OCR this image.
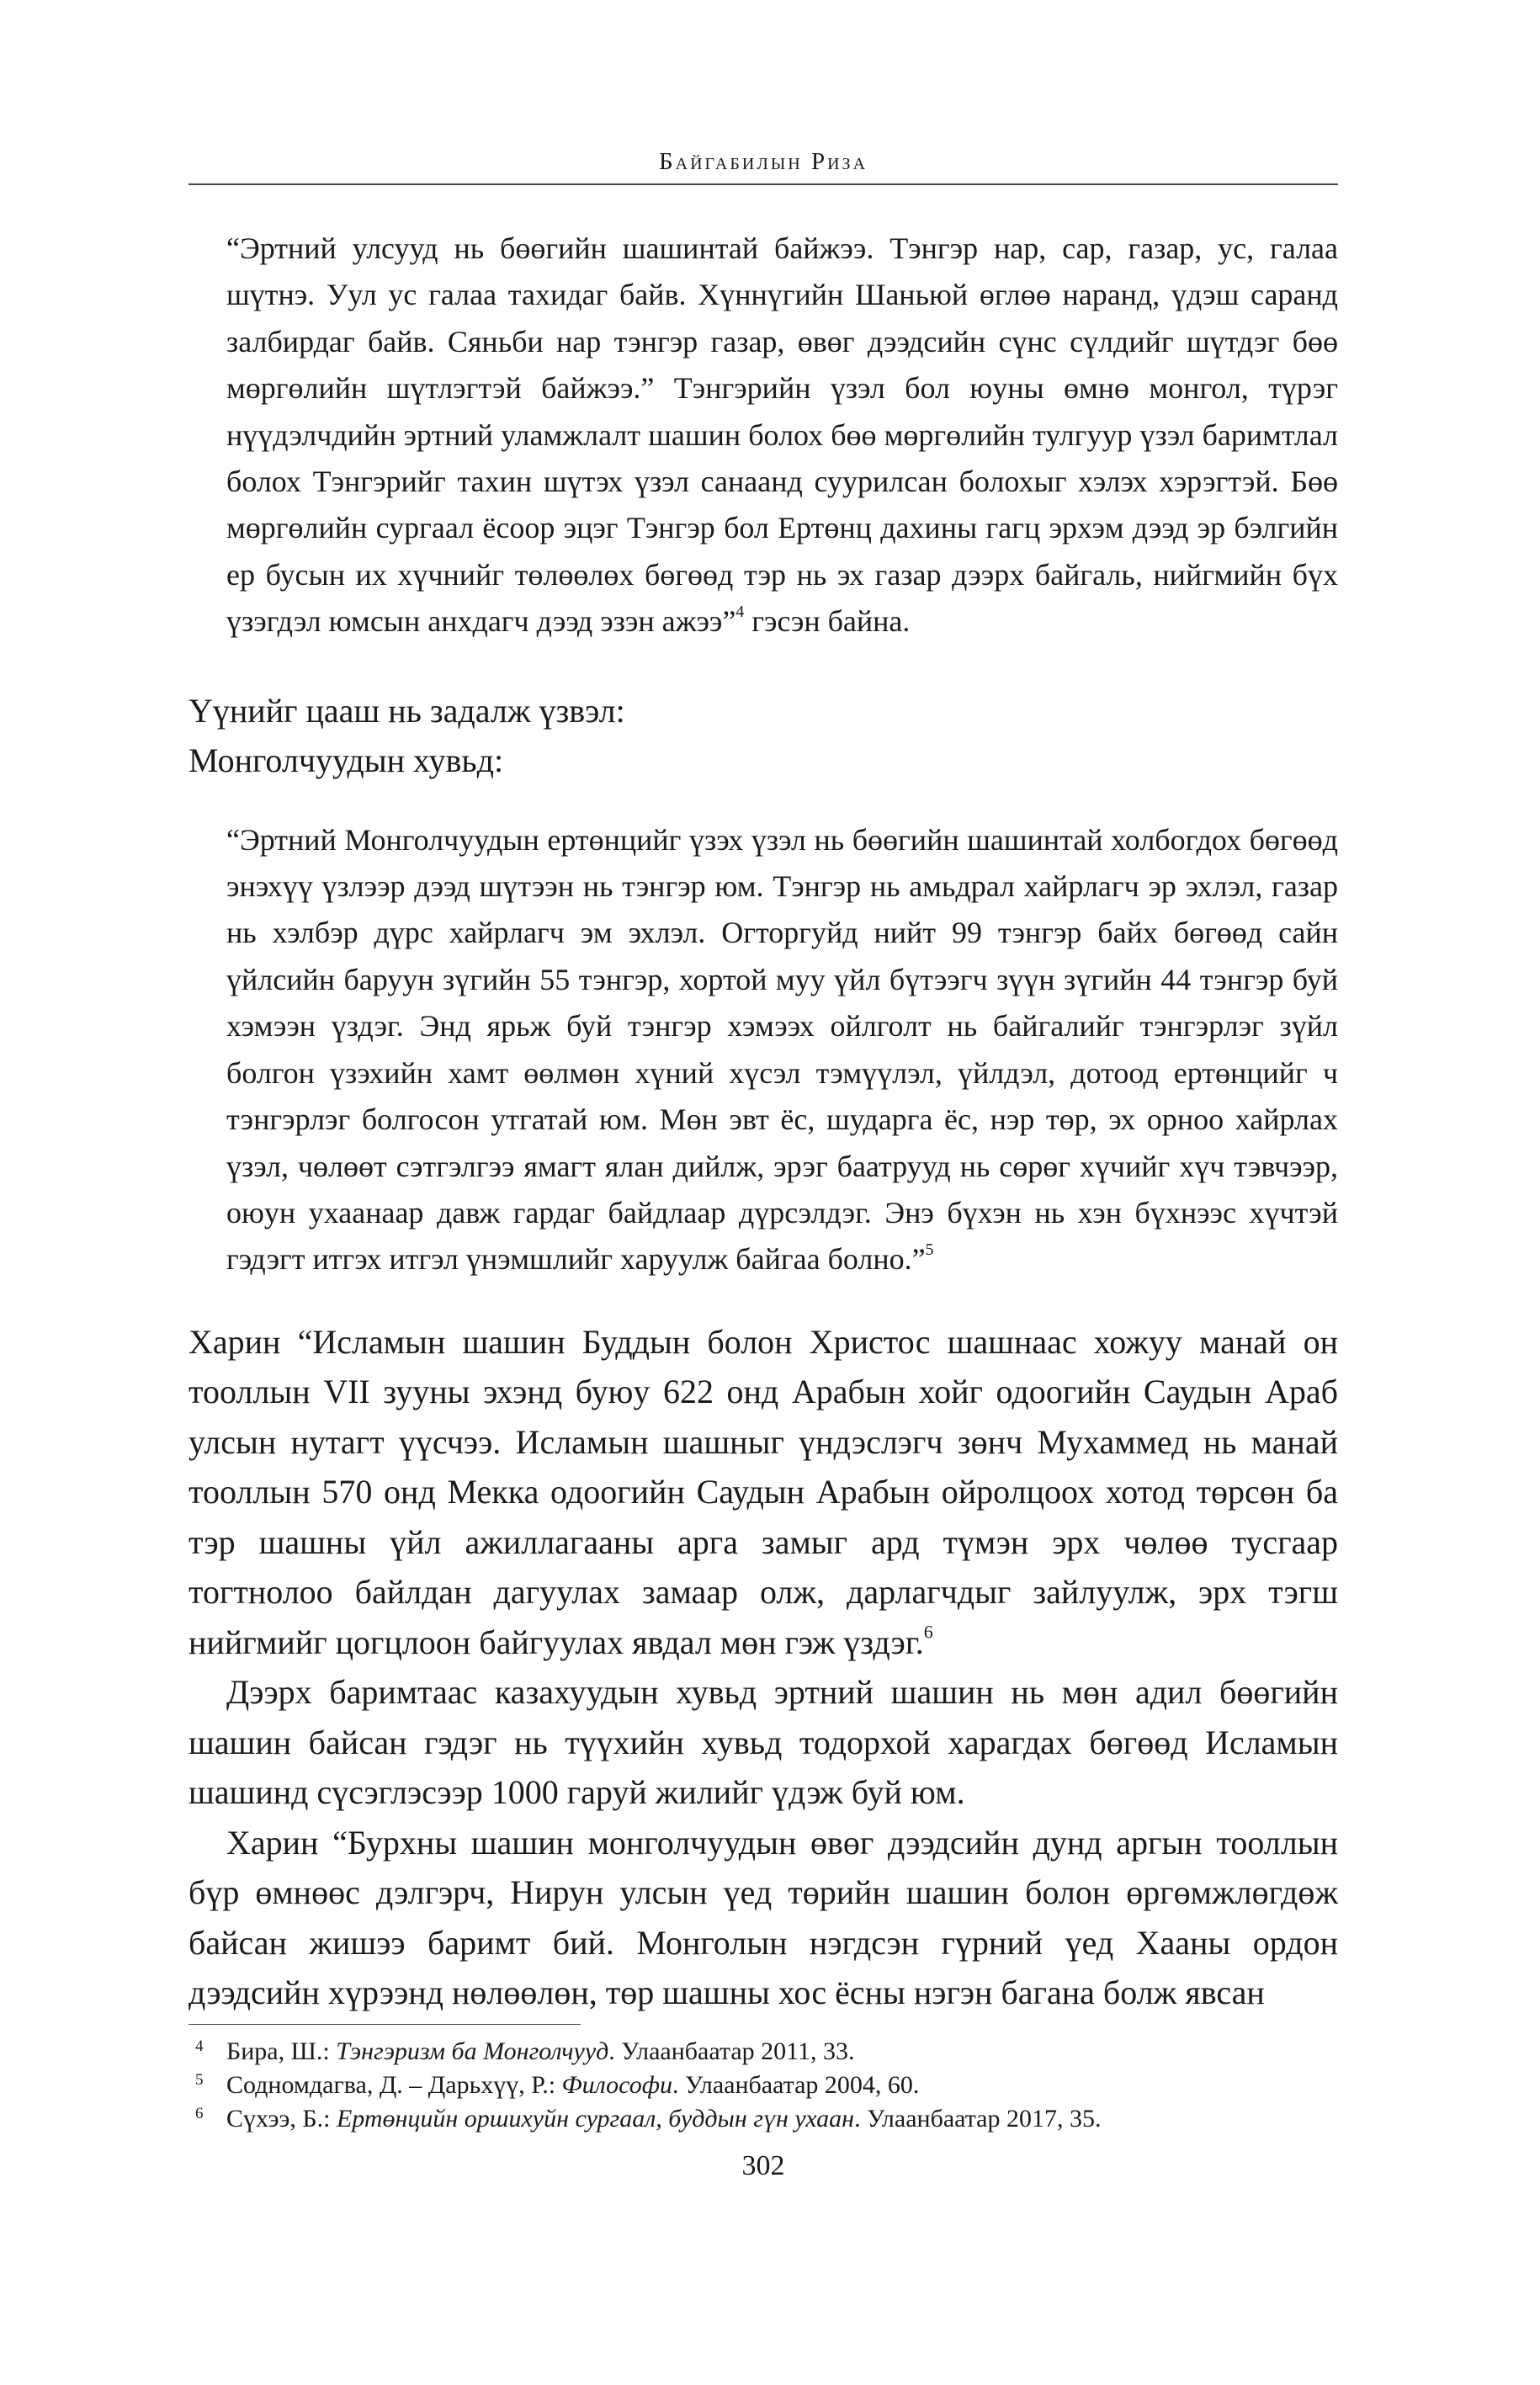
Байгабилын Риза

“Эртний улсууд нь бөөгийн шашинтай байжээ. Тэнгэр нар, сар, газар, ус, галаа шүтнэ. Уул ус галаа тахидаг байв. Хүннүгийн Шаньюй өглөө наранд, үдэш саранд залбирдаг байв. Сяньби нар тэнгэр газар, өвөг дээдсийн сүнс сүлдийг шүтдэг бөө мөргөлийн шүтлэгтэй байжээ.” Тэнгэрийн үзэл бол юуны өмнө монгол, түрэг нүүдэлчдийн эртний уламжлалт шашин болох бөө мөргөлийн тулгуур үзэл баримтлал болох Тэнгэрийг тахин шүтэх үзэл санаанд суурилсан болохыг хэлэх хэрэгтэй. Бөө мөргөлийн сургаал ёсоор эцэг Тэнгэр бол Ертөнц дахины гагц эрхэм дээд эр бэлгийн ер бусын их хүчнийг төлөөлөх бөгөөд тэр нь эх газар дээрх байгаль, нийгмийн бүх үзэгдэл юмсын анхдагч дээд эзэн ажээ”$^4$ гэсэн байна.

Үүнийг цааш нь задалж үзвэл:

Монголчуудын хувьд:

“Эртний Монголчуудын ертөнцийг үзэх үзэл нь бөөгийн шашинтай холбогдох бөгөөд энэхүү үзлээр дээд шүтээн нь тэнгэр юм. Тэнгэр нь амьдрал хайрлагч эр эхлэл, газар нь хэлбэр дүрс хайрлагч эм эхлэл. Огторгуйд нийт 99 тэнгэр байх бөгөөд сайн үйлсийн баруун зүгийн 55 тэнгэр, хортой муу үйл бүтээгч зүүн зүгийн 44 тэнгэр буй хэмээн үздэг. Энд ярьж буй тэнгэр хэмээх ойлголт нь байгалийг тэнгэрлэг зүйл болгон үзэхийн хамт өөлмөн хүний хүсэл тэмүүлэл, үйлдэл, дотоод ертөнцийг ч тэнгэрлэг болгосон утгатай юм. Мөн эвт ёс, шударга ёс, нэр төр, эх орноо хайрлах үзэл, чөлөөт сэтгэлгээ ямагт ялан дийлж, эрэг баатрууд нь сөрөг хүчийг хүч тэвчээр, оюун ухаанаар давж гардаг байдлаар дүрсэлдэг. Энэ бүхэн нь хэн бүхнээс хүчтэй гэдэгт итгэх итгэл үнэмшлийг харуулж байгаа болно.”$^5$

Харин “Исламын шашин Буддын болон Христос шашнаас хожуу манай он тооллын VII зууны эхэнд буюу 622 онд Арабын хойг одоогийн Саудын Араб улсын нутагт үүсчээ. Исламын шашныг үндэслэгч зөнч Мухаммед нь манай тооллын 570 онд Мекка одоогийн Саудын Арабын ойролцоох хотод төрсөн ба тэр шашны үйл ажиллагааны арга замыг ард түмэн эрх чөлөө тусгаар тогтнолоо байлдан дагуулах замаар олж, дарлагчдыг зайлуулж, эрх тэгш нийгмийг цогцлоон байгуулах явдал мөн гэж үздэг.$^6$

Дээрх баримтаас казахуудын хувьд эртний шашин нь мөн адил бөөгийн шашин байсан гэдэг нь түүхийн хувьд тодорхой харагдах бөгөөд Исламын шашинд сүсэглэсээр 1000 гаруй жилийг үдэж буй юм.

Харин “Бурхны шашин монголчуудын өвөг дээдсийн дунд аргын тооллын бүр өмнөөс дэлгэрч, Нирун улсын үед төрийн шашин болон өргөмжлөгдөж байсан жишээ баримт бий. Монголын нэгдсэн гүрний үед Хааны ордон дээдсийн хүрээнд нөлөөлөн, төр шашны хос ёсны нэгэн багана болж явсан

4 Бира, Ш.: Тэнгэризм ба Монголчууд. Улаанбаатар 2011, 33.
5 Содномдагва, Д. – Дарьхүү, Р.: Философи. Улаанбаатар 2004, 60.
6 Сүхээ, Б.: Ертөнцийн оршихуйн сургаал, буддын гүн ухаан. Улаанбаатар 2017, 35.
302
